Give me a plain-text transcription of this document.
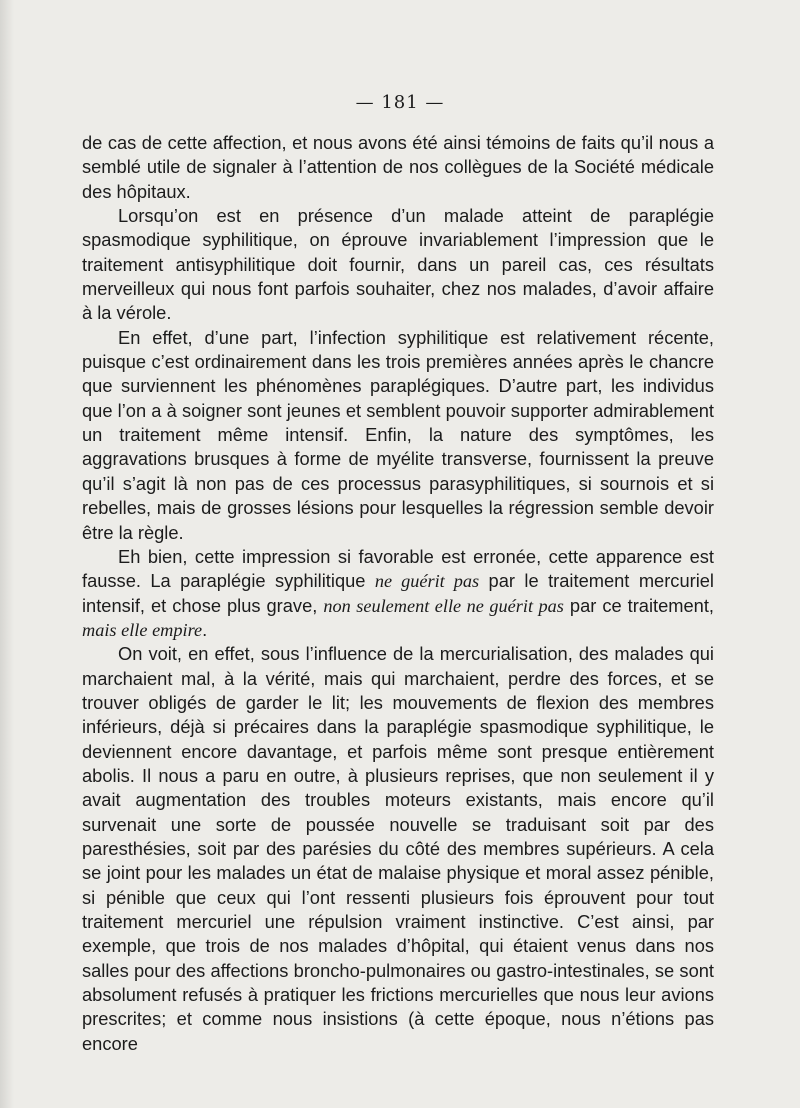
— 181 —

de cas de cette affection, et nous avons été ainsi témoins de faits qu’il nous a semblé utile de signaler à l’attention de nos collègues de la Société médicale des hôpitaux.

Lorsqu’on est en présence d’un malade atteint de paraplégie spasmodique syphilitique, on éprouve invariablement l’impression que le traitement antisyphilitique doit fournir, dans un pareil cas, ces résultats merveilleux qui nous font parfois souhaiter, chez nos malades, d’avoir affaire à la vérole.

En effet, d’une part, l’infection syphilitique est relativement récente, puisque c’est ordinairement dans les trois premières années après le chancre que surviennent les phénomènes paraplégiques. D’autre part, les individus que l’on a à soigner sont jeunes et semblent pouvoir supporter admirablement un traitement même intensif. Enfin, la nature des symptômes, les aggravations brusques à forme de myélite transverse, fournissent la preuve qu’il s’agit là non pas de ces processus parasyphilitiques, si sournois et si rebelles, mais de grosses lésions pour lesquelles la régression semble devoir être la règle.

Eh bien, cette impression si favorable est erronée, cette apparence est fausse. La paraplégie syphilitique ne guérit pas par le traitement mercuriel intensif, et chose plus grave, non seulement elle ne guérit pas par ce traitement, mais elle empire.

On voit, en effet, sous l’influence de la mercurialisation, des malades qui marchaient mal, à la vérité, mais qui marchaient, perdre des forces, et se trouver obligés de garder le lit; les mouvements de flexion des membres inférieurs, déjà si précaires dans la paraplégie spasmodique syphilitique, le deviennent encore davantage, et parfois même sont presque entièrement abolis. Il nous a paru en outre, à plusieurs reprises, que non seulement il y avait augmentation des troubles moteurs existants, mais encore qu’il survenait une sorte de poussée nouvelle se traduisant soit par des paresthésies, soit par des parésies du côté des membres supérieurs. A cela se joint pour les malades un état de malaise physique et moral assez pénible, si pénible que ceux qui l’ont ressenti plusieurs fois éprouvent pour tout traitement mercuriel une répulsion vraiment instinctive. C’est ainsi, par exemple, que trois de nos malades d’hôpital, qui étaient venus dans nos salles pour des affections broncho-pulmonaires ou gastro-intestinales, se sont absolument refusés à pratiquer les frictions mercurielles que nous leur avions prescrites; et comme nous insistions (à cette époque, nous n’étions pas encore
